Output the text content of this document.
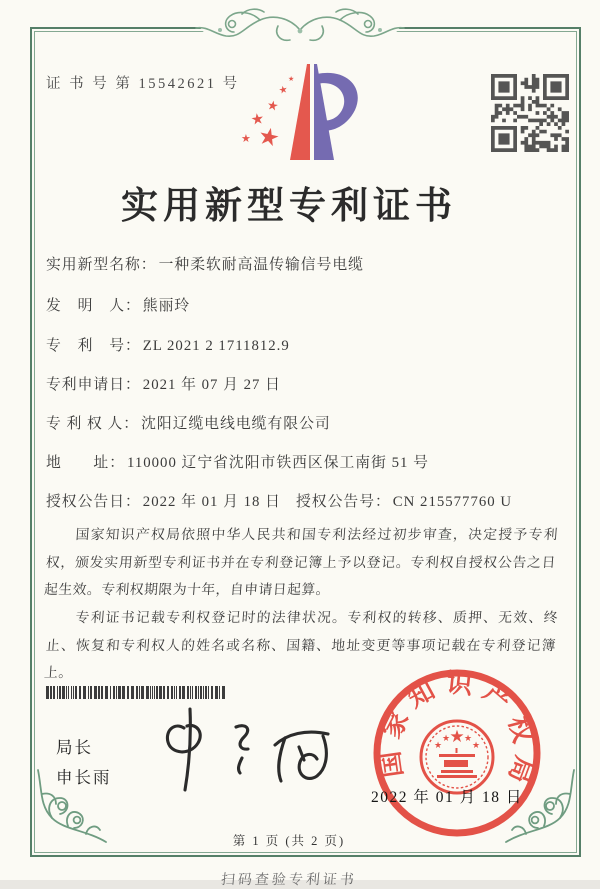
证 书 号 第 15542621 号	★
★
★
★
★
★
实用新型专利证书
实用新型名称： 一种柔软耐高温传输信号电缆
发　明　人： 熊丽玲
专　利　号： ZL 2021 2 1711812.9
专利申请日： 2021 年 07 月 27 日
专 利 权 人： 沈阳辽缆电线电缆有限公司
地　　址： 110000 辽宁省沈阳市铁西区保工南街 51 号
授权公告日： 2022 年 01 月 18 日 授权公告号： CN 215577760 U

国家知识产权局依照中华人民共和国专利法经过初步审查，决定授予专利权，颁发实用新型专利证书并在专利登记簿上予以登记。专利权自授权公告之日起生效。专利权期限为十年，自申请日起算。

专利证书记载专利权登记时的法律状况。专利权的转移、质押、无效、终止、恢复和专利权人的姓名或名称、国籍、地址变更等事项记载在专利登记簿上。

局长
申长雨	国家知识产权局
★
★
★ ★
★
2022 年 01 月 18 日
第 1 页 (共 2 页)
扫码查验专利证书
